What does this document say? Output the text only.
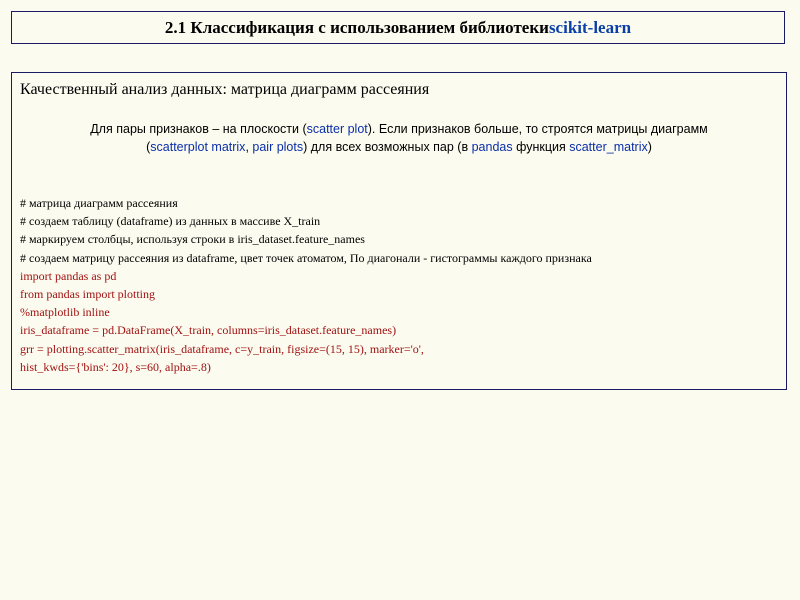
2.1 Классификация с использованием библиотеки scikit-learn
Качественный анализ данных: матрица диаграмм рассеяния
Для пары признаков – на плоскости (scatter plot). Если признаков больше, то строятся матрицы диаграмм
(scatterplot matrix, pair plots) для всех возможных пар (в pandas функция scatter_matrix)
# матрица диаграмм рассеяния
# создаем таблицу (dataframe) из данных в массиве X_train
# маркируем столбцы, используя строки в iris_dataset.feature_names
# создаем матрицу рассеяния из dataframe, цвет точек атоматом, По диагонали - гистограммы каждого признака
import pandas as pd
from pandas import plotting
%matplotlib inline
iris_dataframe = pd.DataFrame(X_train, columns=iris_dataset.feature_names)
grr = plotting.scatter_matrix(iris_dataframe, c=y_train, figsize=(15, 15), marker='o',
hist_kwds={'bins': 20}, s=60, alpha=.8)
